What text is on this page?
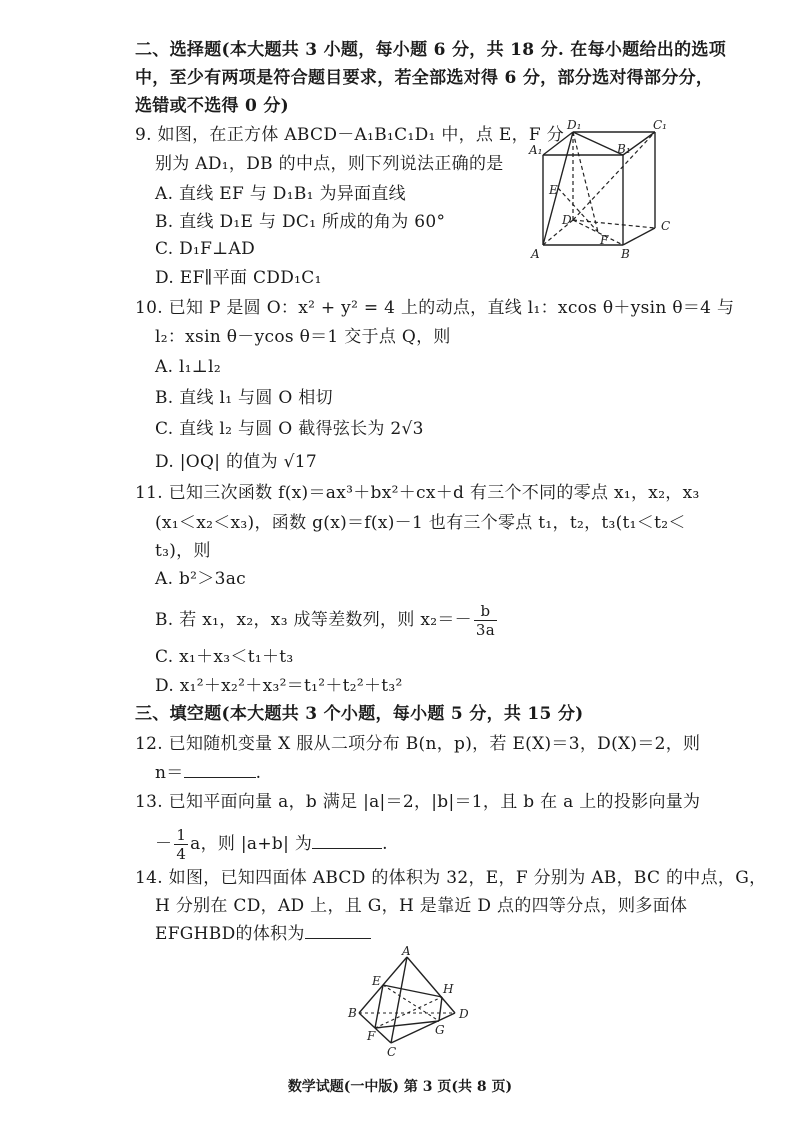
二、选择题(本大题共 3 小题，每小题 6 分，共 18 分. 在每小题给出的选项
中，至少有两项是符合题目要求，若全部选对得 6 分，部分选对得部分分，
选错或不选得 0 分)
9. 如图，在正方体 ABCD－A₁B₁C₁D₁ 中，点 E，F 分
别为 AD₁，DB 的中点，则下列说法正确的是
A. 直线 EF 与 D₁B₁ 为异面直线
B. 直线 D₁E 与 DC₁ 所成的角为 60°
C. D₁F⊥AD
D. EF∥平面 CDD₁C₁
D₁	C₁
A₁	B₁
E
F
D	C
A	B
10. 已知 P 是圆 O：x² + y² = 4 上的动点，直线 l₁：xcos θ＋ysin θ＝4 与
l₂：xsin θ－ycos θ＝1 交于点 Q，则
A. l₁⊥l₂
B. 直线 l₁ 与圆 O 相切
C. 直线 l₂ 与圆 O 截得弦长为 2√3
D. |OQ| 的值为 √17
11. 已知三次函数 f(x)＝ax³＋bx²＋cx＋d 有三个不同的零点 x₁，x₂，x₃
(x₁＜x₂＜x₃)，函数 g(x)＝f(x)－1 也有三个零点 t₁，t₂，t₃(t₁＜t₂＜
t₃)，则
A. b²＞3ac
B. 若 x₁，x₂，x₃ 成等差数列，则 $x_2=- \frac{b}{3a}$
C. x₁＋x₃＜t₁＋t₃
D. x₁²＋x₂²＋x₃²＝t₁²＋t₂²＋t₃²
三、填空题(本大题共 3 个小题，每小题 5 分，共 15 分)
12. 已知随机变量 X 服从二项分布 B(n，p)，若 E(X)＝3，D(X)＝2，则
n＝	.
13. 已知平面向量 a，b 满足 |a|＝2，|b|＝1，且 b 在 a 上的投影向量为
－ $\frac{1}{4}$ a，则 |a+b| 为	.
14. 如图，已知四面体 ABCD 的体积为 32，E，F 分别为 AB，BC 的中点，G，
H 分别在 CD，AD 上，且 G，H 是靠近 D 点的四等分点，则多面体
EFGHBD的体积为
A
E
H
B	D
F	G
C
数学试题(一中版) 第 3 页(共 8 页)
